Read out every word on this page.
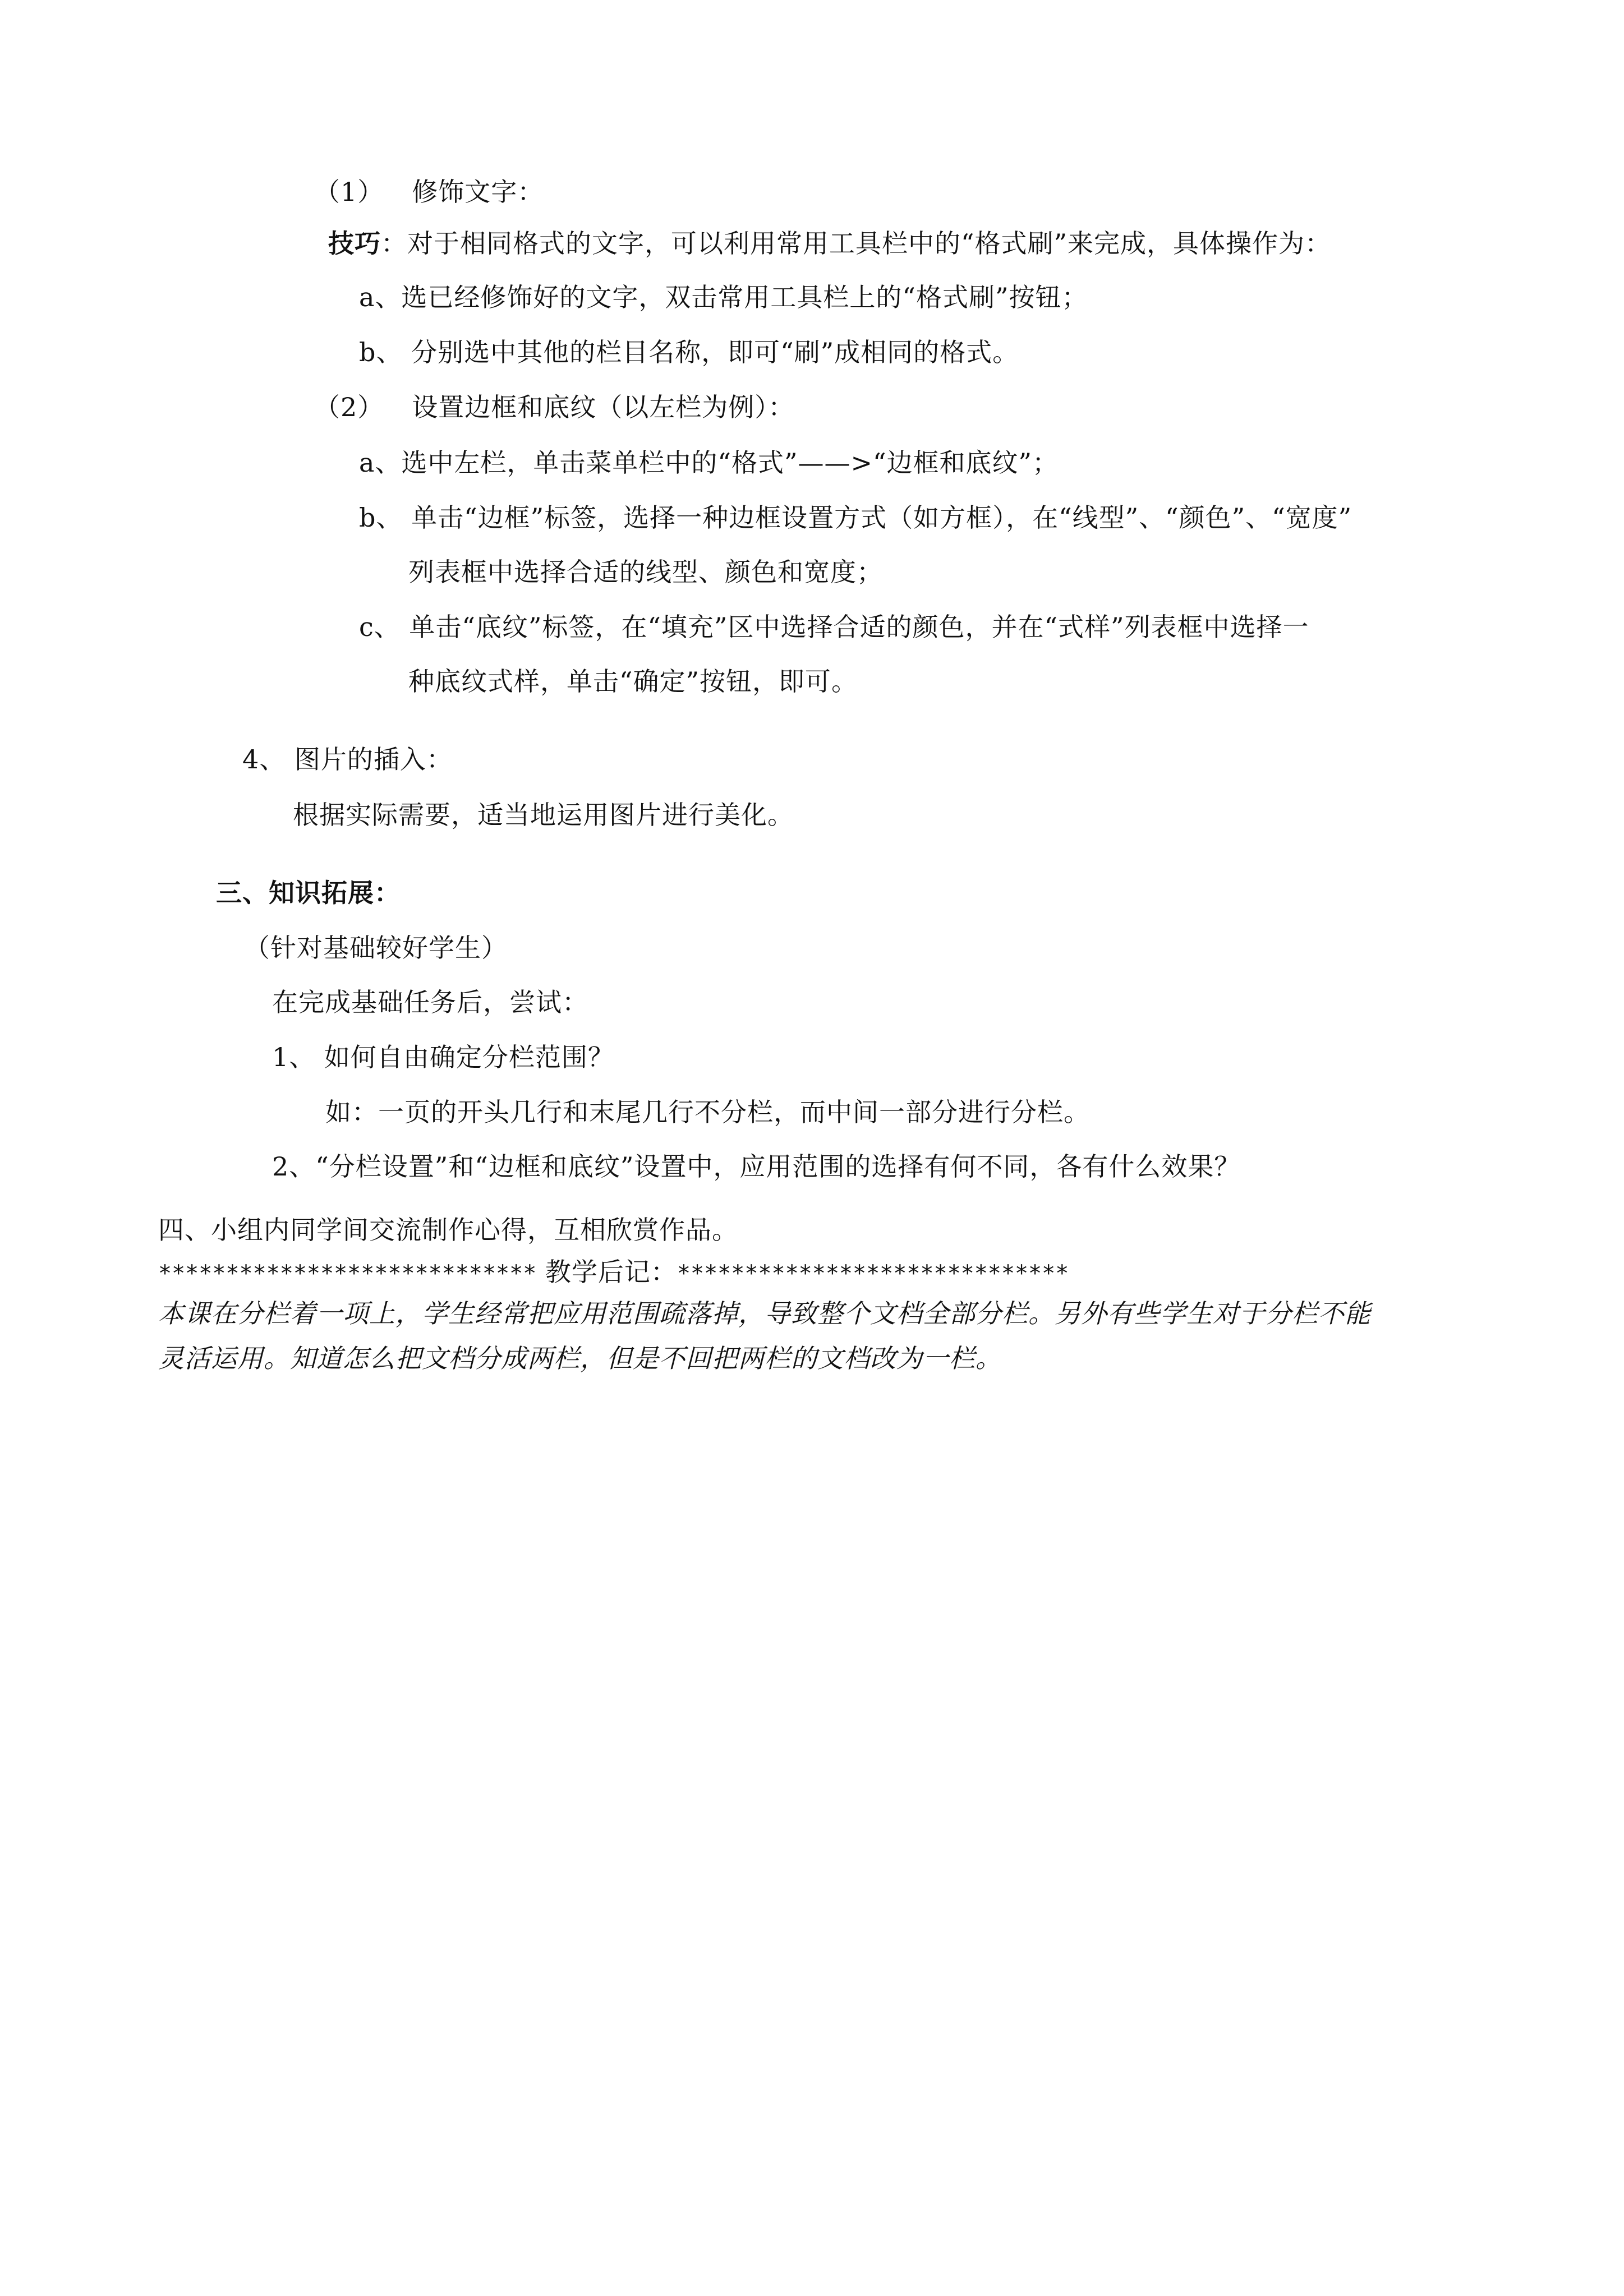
（1） 修饰文字：
技巧：对于相同格式的文字，可以利用常用工具栏中的“格式刷”来完成，具体操作为：
a、选已经修饰好的文字，双击常用工具栏上的“格式刷”按钮；
b、 分别选中其他的栏目名称，即可“刷”成相同的格式。
（2） 设置边框和底纹（以左栏为例）：
a、选中左栏，单击菜单栏中的“格式”——>“边框和底纹”；
b、 单击“边框”标签，选择一种边框设置方式（如方框），在“线型”、“颜色”、“宽度”
列表框中选择合适的线型、颜色和宽度；
c、 单击“底纹”标签，在“填充”区中选择合适的颜色，并在“式样”列表框中选择一
种底纹式样，单击“确定”按钮，即可。
4、 图片的插入：
根据实际需要，适当地运用图片进行美化。
三、知识拓展：
（针对基础较好学生）
在完成基础任务后，尝试：
1、 如何自由确定分栏范围？
如：一页的开头几行和末尾几行不分栏，而中间一部分进行分栏。
2、“分栏设置”和“边框和底纹”设置中，应用范围的选择有何不同，各有什么效果？
四、小组内同学间交流制作心得，互相欣赏作品。
**************************** 教学后记：*****************************
本课在分栏着一项上，学生经常把应用范围疏落掉，导致整个文档全部分栏。另外有些学生对于分栏不能
灵活运用。知道怎么把文档分成两栏，但是不回把两栏的文档改为一栏。
